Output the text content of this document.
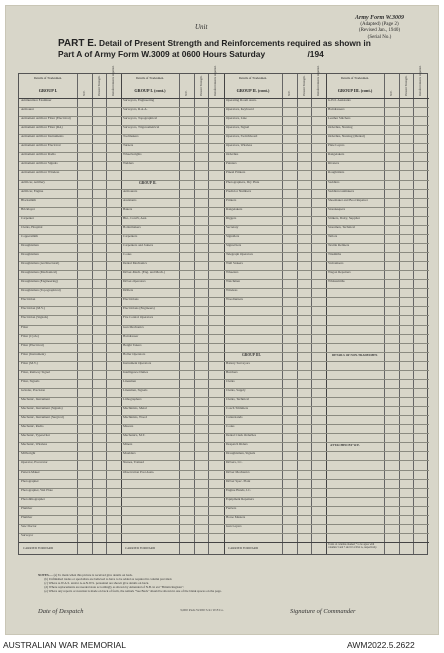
Unit
Army Form W.3009
(Adapted) (Page 2)
(Revised Jan., 1940)
(Serial No.)
PART E. Detail of Present Strength and Reinforcements required as shown in
Part A of Army Form W.3009 at 0600 Hours Saturday	/194
Details of Tradesmen.
GROUP I.	W.E.	Present Strength.	Reinforcements required.	Details of Tradesmen.
GROUP I. (cont.)	W.E.	Present Strength.	Reinforcements required.	Details of Tradesmen.
GROUP II. (cont.)	W.E.	Present Strength.	Reinforcements required.	Details of Tradesmen.
GROUP III. (cont.)	W.E.	Present Strength.	Reinforcements required.
Ammunition Examiner
Armourer
Armament Artificer Fitter (Electrical)
Armament Artificer Fitter (RA)
Armament Artificer Instruments
Armament Artificer Electrical
Armament Artificer Radio
Armament Artificer Signals
Armament Artificer Wireless
Artificer, Artillery
Artificer, Engine
Blacksmith
Bricklayer
Carpenter
Clerks, Hospital
Coppersmith
Draughtsman
Draughtsman
Draughtsman (Architectural)
Draughtsman (Mechanical)
Draughtsman (Engineering)
Draughtsman (Topographical)
Electrician
Electrician (M.V.)
Electrician (Signals)
Fitter
Fitter (Cycle)
Fitter (Electrical)
Fitter (Instrument)
Fitter (M.V.)
Fitter, Railway Signal
Fitter, Signals
Grinder, Precision
Mechanic, Instrument
Mechanic, Instrument (Signals)
Mechanic, Instrument (Surgical)
Mechanic, Radio
Mechanic, Typewriter
Mechanic, Wireless
Millwright
Operator, Excavator
Pattern Maker
Photographer
Photographer, Wet Plate
Photolithographer
Plumber
Plumber
Saw Doctor
Surveyor
Surveyors, Engineering
Surveyors, R.A.A.
Surveyors, Topographical
Surveyors, Trigonometrical
Toolmakers
Turners
Wheelwrights
Welders
GROUP II.
Armourers
Assistants
Bakers
Bkr., Cond'r, Asst.
Boilermakers
Carpenters
Carpenters and Joiners
Cooks
Dental Mechanics
Driver-Mech. (Eng. and Mech.)
Driver-Operators
Drillers
Electricians
Electricians (Engineers)
Fire Control Operators
Gun Mechanics
Hairdresser
Height Takers
Holler Operators
Instrument Operators
Intelligence Duties
Linesmen
Linesmen, Signals
Lithographers
Machinists, Metal
Machinists, Wood
Masons
Mechanics, M.T.
Miners
Moulders
Nurses, Trained
Observation Post Assts.
Operating Room Assts.
Operators, Keyboard
Operators, Line
Operators, Signal
Operators, Switchboard
Operators, Wireless
Orderlies
Painters
Pineal Printers
Photographers, Dry Plate
Predictor Numbers
Printers
Rangetakers
Riggers
Secretary
Signallers
Signwriters
Telegraph Operators
Wall Stokers
Wheelers
Watchmen
Wireless
Woodturners
GROUP III.
Battery Surveyors
Butchers
Clerks
Clerks, Supply
Clerks, Technical
Coach Trimmers
Cutterstands
Cooks
Dental Clerk Orderlies
Despatch Riders
Draughtsmen, Signals
Drivers, I.C.
Driver Mechanics
Driver Spec. Plant
Engine Hands, I.C.
Equipment Repairers
Farriers
Horse Masters
Gun Layers
G.P.O. Assistants
Hairdressers
Leather Stitchers
Orderlies, Nursing
Orderlies, Nursing (Mental)
Plate Layers
Rangetakers
Riveters
Roughriders
Saddlers
Saddlers/outmakers
Shoemaker and Boot Repairer
Storekeepers
Strikers, Dairy, Supplier
Storemen, Technical
Tailors
Textile Refiners
Tinsmiths
Vulcanisers
Wagon Repairers
Whitesmiths
DETAILS OF NON-TRADESMEN.
ATTACHED BY W.E.
CARRIED FORWARD	CARRIED FORWARD	CARRIED FORWARD
Totals of columns marked * to be agree with columns 5 and 7 and 10 of Part A, respectively.
NOTES.— (a) To mark when this picture is received give details on back.
(b) Unfinished trades or specialists are believed to have to be added as required in column provided.
(c) Where A.W.A.S. and/or A.A.N.W.S. personnel are shown give details on back.
(d) Where replacements are needed state accordingly as shown by Amended of N.B. in ext "Britain Register".
(e) Where any reports or notation is made on back of form, the remark "See Back" should be shown in one of the blank spaces on the page.
Date of Despatch	3,000 Pads W280 5/41 W.F.Co.	Signature of Commander
AUSTRALIAN WAR MEMORIAL	AWM2022.5.2622
